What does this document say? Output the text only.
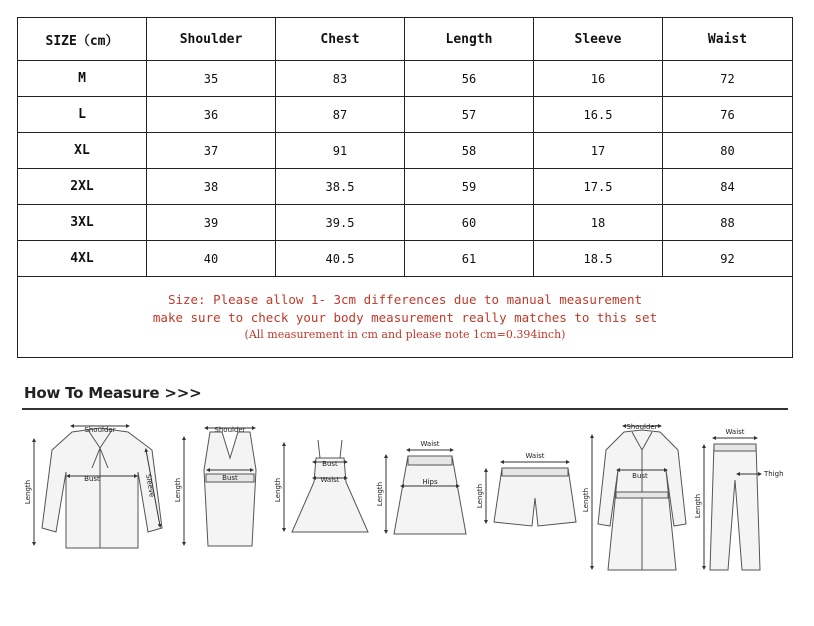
SIZE（cm）	Shoulder	Chest	Length	Sleeve	Waist
M	35	83	56	16	72
L	36	87	57	16.5	76
XL	37	91	58	17	80
2XL	38	38.5	59	17.5	84
3XL	39	39.5	60	18	88
4XL	40	40.5	61	18.5	92

Size: Please allow 1- 3cm differences due to manual measurement
make sure to check your body measurement really matches to this set
(All measurement in cm and please note 1cm=0.394inch)					
How To Measure >>>
Shoulder
Bust
Length	Sleeve
Shoulder
Bust
Length
Bust
Waist
Length
Waist
Hips
Length
Waist
Length
Shoulder
Bust
Length
Waist
Thigh
Length
